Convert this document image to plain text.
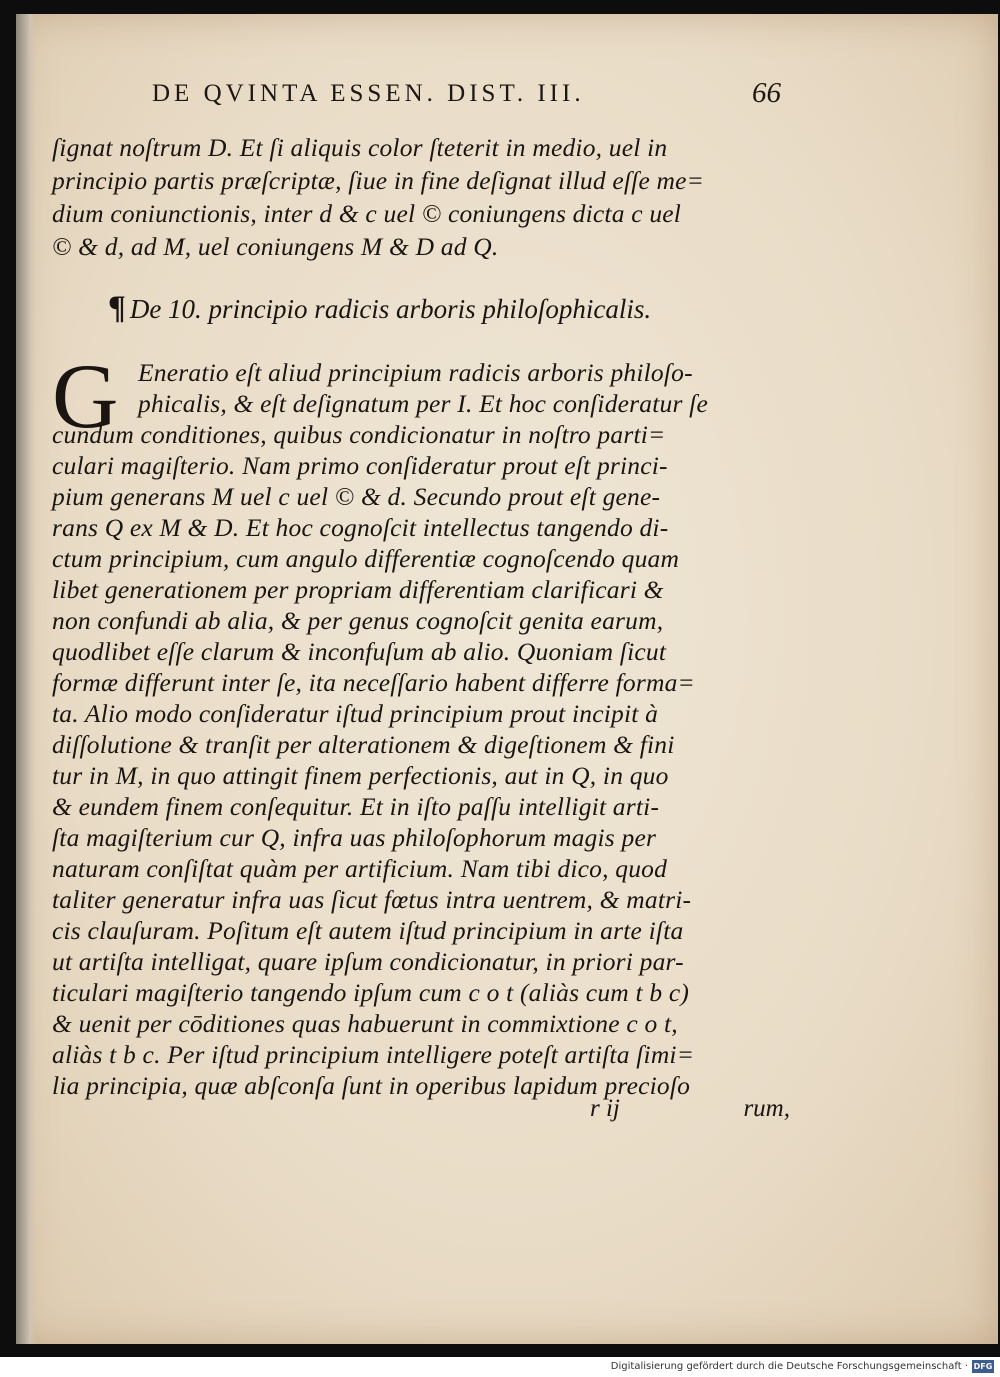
DE QVINTA ESSEN. DIST. III.	66
ſignat noſtrum D. Et ſi aliquis color ſteterit in medio, uel in
principio partis præſcriptæ, ſiue in fine deſignat illud eſſe me=
dium coniunctionis, inter d & c uel © coniungens dicta c uel
© & d, ad M, uel coniungens M & D ad Q.
¶ De 10. principio radicis arboris philoſophicalis.
G Eneratio eſt aliud principium radicis arboris philoſo-
phicalis, & eſt deſignatum per I. Et hoc conſideratur ſe
cundum conditiones, quibus condicionatur in noſtro parti=
culari magiſterio. Nam primo conſideratur prout eſt princi-
pium generans M uel c uel © & d. Secundo prout eſt gene-
rans Q ex M & D. Et hoc cognoſcit intellectus tangendo di-
ctum principium, cum angulo differentiæ cognoſcendo quam
libet generationem per propriam differentiam clarificari &
non confundi ab alia, & per genus cognoſcit genita earum,
quodlibet eſſe clarum & inconfuſum ab alio. Quoniam ſicut
formæ differunt inter ſe, ita neceſſario habent differre forma=
ta. Alio modo conſideratur iſtud principium prout incipit à
diſſolutione & tranſit per alterationem & digeſtionem & fini
tur in M, in quo attingit finem perfectionis, aut in Q, in quo
& eundem finem conſequitur. Et in iſto paſſu intelligit arti-
ſta magiſterium cur Q, infra uas philoſophorum magis per
naturam conſiſtat quàm per artificium. Nam tibi dico, quod
taliter generatur infra uas ſicut fœtus intra uentrem, & matri-
cis clauſuram. Poſitum eſt autem iſtud principium in arte iſta
ut artiſta intelligat, quare ipſum condicionatur, in priori par-
ticulari magiſterio tangendo ipſum cum c o t (aliàs cum t b c)
& uenit per cōditiones quas habuerunt in commixtione c o t,
aliàs t b c. Per iſtud principium intelligere poteſt artiſta ſimi=
lia principia, quæ abſconſa ſunt in operibus lapidum precioſo
r ij	rum,
Digitalisierung gefördert durch die Deutsche Forschungsgemeinschaft · DFG
